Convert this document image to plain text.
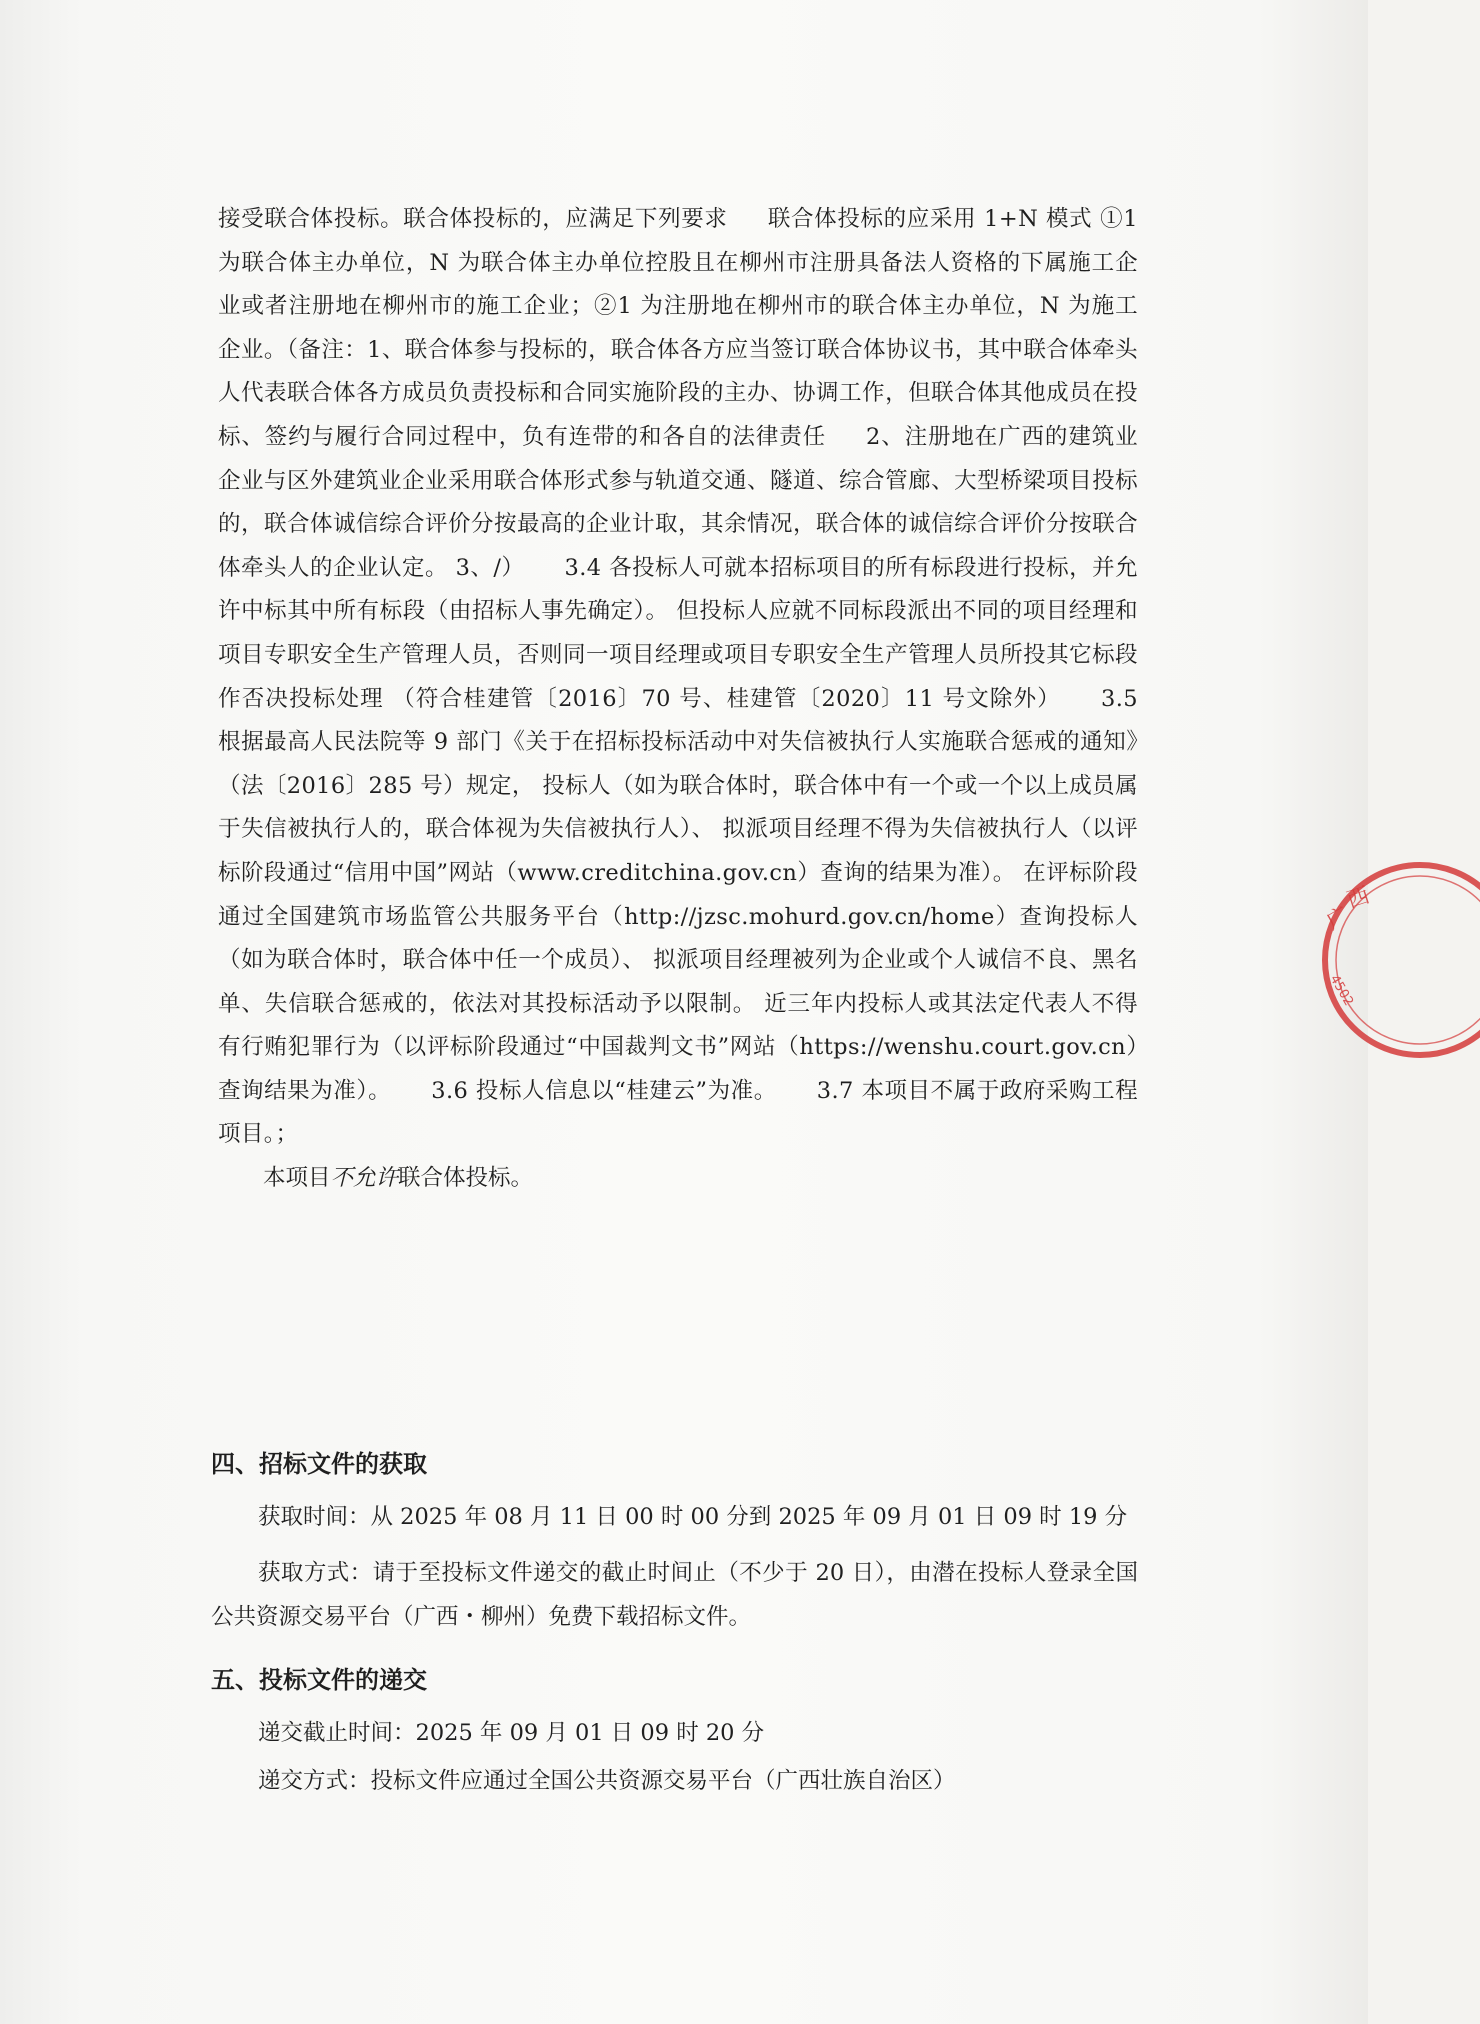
接受联合体投标。联合体投标的，应满足下列要求 联合体投标的应采用 1+N 模式 ①1 为联合体主办单位，N 为联合体主办单位控股且在柳州市注册具备法人资格的下属施工企业或者注册地在柳州市的施工企业；②1 为注册地在柳州市的联合体主办单位，N 为施工企业。（备注：1、联合体参与投标的，联合体各方应当签订联合体协议书，其中联合体牵头人代表联合体各方成员负责投标和合同实施阶段的主办、协调工作，但联合体其他成员在投标、签约与履行合同过程中，负有连带的和各自的法律责任 2、注册地在广西的建筑业企业与区外建筑业企业采用联合体形式参与轨道交通、隧道、综合管廊、大型桥梁项目投标的，联合体诚信综合评价分按最高的企业计取，其余情况，联合体的诚信综合评价分按联合体牵头人的企业认定。 3、/） 3.4 各投标人可就本招标项目的所有标段进行投标，并允许中标其中所有标段（由招标人事先确定）。 但投标人应就不同标段派出不同的项目经理和项目专职安全生产管理人员，否则同一项目经理或项目专职安全生产管理人员所投其它标段作否决投标处理 （符合桂建管〔2016〕70 号、桂建管〔2020〕11 号文除外） 3.5 根据最高人民法院等 9 部门《关于在招标投标活动中对失信被执行人实施联合惩戒的通知》（法〔2016〕285 号）规定， 投标人（如为联合体时，联合体中有一个或一个以上成员属于失信被执行人的，联合体视为失信被执行人）、 拟派项目经理不得为失信被执行人（以评标阶段通过“信用中国”网站（www.creditchina.gov.cn）查询的结果为准）。 在评标阶段通过全国建筑市场监管公共服务平台（http://jzsc.mohurd.gov.cn/home）查询投标人（如为联合体时，联合体中任一个成员）、 拟派项目经理被列为企业或个人诚信不良、黑名单、失信联合惩戒的，依法对其投标活动予以限制。 近三年内投标人或其法定代表人不得有行贿犯罪行为（以评标阶段通过“中国裁判文书”网站（https://wenshu.court.gov.cn）查询结果为准）。 3.6 投标人信息以“桂建云”为准。 3.7 本项目不属于政府采购工程项目。；

本项目不允许联合体投标。

四、招标文件的获取

获取时间：从 2025 年 08 月 11 日 00 时 00 分到 2025 年 09 月 01 日 09 时 19 分

获取方式：请于至投标文件递交的截止时间止（不少于 20 日），由潜在投标人登录全国公共资源交易平台（广西・柳州）免费下载招标文件。

五、投标文件的递交

递交截止时间：2025 年 09 月 01 日 09 时 20 分

递交方式：投标文件应通过全国公共资源交易平台（广西壮族自治区）

广
西
4502
